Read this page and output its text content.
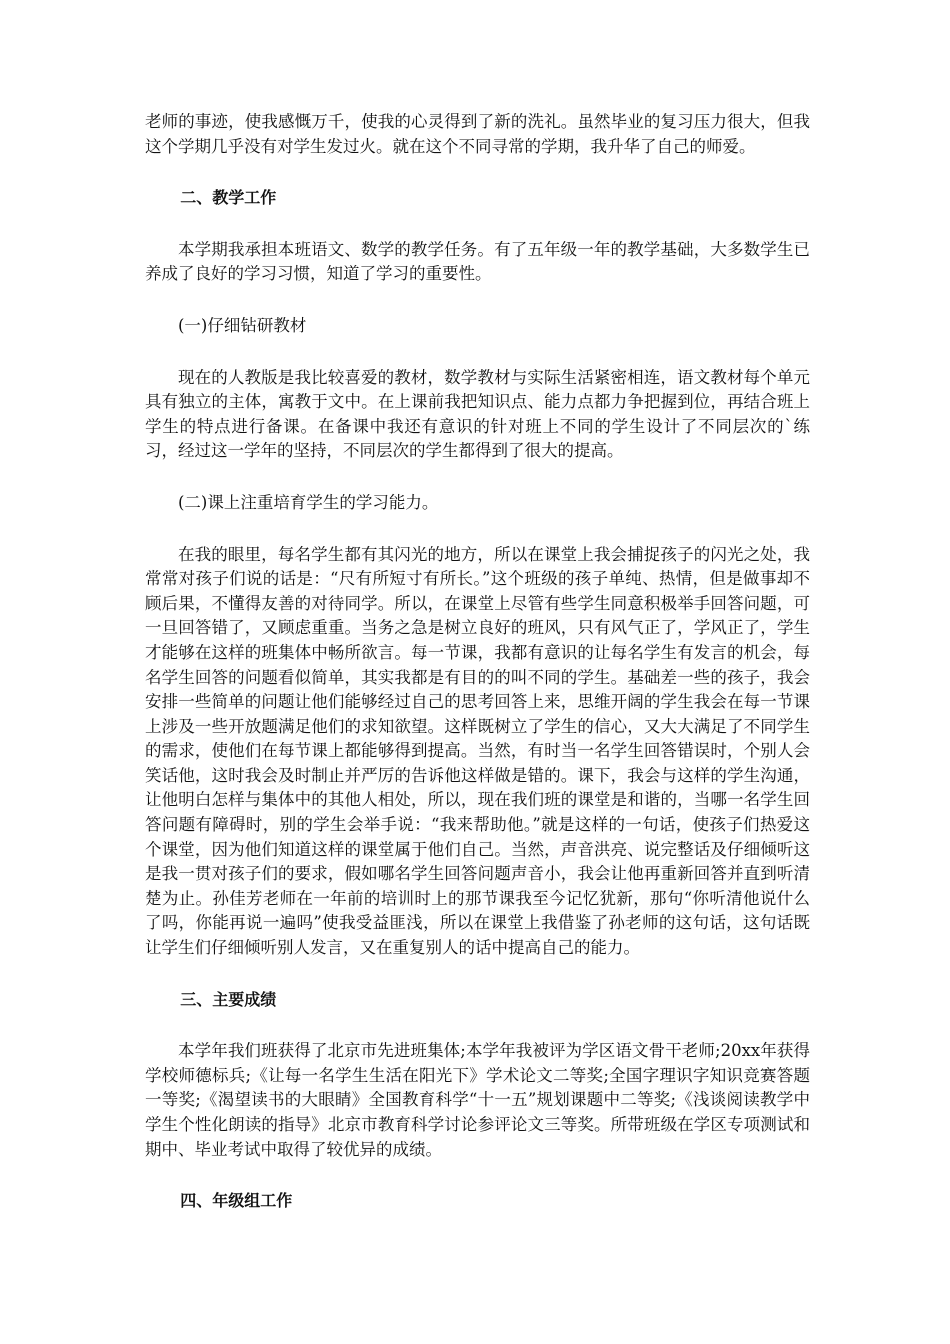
老师的事迹，使我感慨万千，使我的心灵得到了新的洗礼。虽然毕业的复习压力很大，但我这个学期几乎没有对学生发过火。就在这个不同寻常的学期，我升华了自己的师爱。

二、教学工作

本学期我承担本班语文、数学的教学任务。有了五年级一年的教学基础，大多数学生已养成了良好的学习习惯，知道了学习的重要性。

(一)仔细钻研教材

现在的人教版是我比较喜爱的教材，数学教材与实际生活紧密相连，语文教材每个单元具有独立的主体，寓教于文中。在上课前我把知识点、能力点都力争把握到位，再结合班上学生的特点进行备课。在备课中我还有意识的针对班上不同的学生设计了不同层次的`练习，经过这一学年的坚持，不同层次的学生都得到了很大的提高。

(二)课上注重培育学生的学习能力。

在我的眼里，每名学生都有其闪光的地方，所以在课堂上我会捕捉孩子的闪光之处，我常常对孩子们说的话是：“尺有所短寸有所长。”这个班级的孩子单纯、热情，但是做事却不顾后果，不懂得友善的对待同学。所以，在课堂上尽管有些学生同意积极举手回答问题，可一旦回答错了，又顾虑重重。当务之急是树立良好的班风，只有风气正了，学风正了，学生才能够在这样的班集体中畅所欲言。每一节课，我都有意识的让每名学生有发言的机会，每名学生回答的问题看似简单，其实我都是有目的的叫不同的学生。基础差一些的孩子，我会安排一些简单的问题让他们能够经过自己的思考回答上来，思维开阔的学生我会在每一节课上涉及一些开放题满足他们的求知欲望。这样既树立了学生的信心，又大大满足了不同学生的需求，使他们在每节课上都能够得到提高。当然，有时当一名学生回答错误时，个别人会笑话他，这时我会及时制止并严厉的告诉他这样做是错的。课下，我会与这样的学生沟通，让他明白怎样与集体中的其他人相处，所以，现在我们班的课堂是和谐的，当哪一名学生回答问题有障碍时，别的学生会举手说：“我来帮助他。”就是这样的一句话，使孩子们热爱这个课堂，因为他们知道这样的课堂属于他们自己。当然，声音洪亮、说完整话及仔细倾听这是我一贯对孩子们的要求，假如哪名学生回答问题声音小，我会让他再重新回答并直到听清楚为止。孙佳芳老师在一年前的培训时上的那节课我至今记忆犹新，那句“你听清他说什么了吗，你能再说一遍吗”使我受益匪浅，所以在课堂上我借鉴了孙老师的这句话，这句话既让学生们仔细倾听别人发言，又在重复别人的话中提高自己的能力。

三、主要成绩

本学年我们班获得了北京市先进班集体;本学年我被评为学区语文骨干老师;20xx年获得学校师德标兵;《让每一名学生生活在阳光下》学术论文二等奖;全国字理识字知识竞赛答题一等奖;《渴望读书的大眼睛》全国教育科学“十一五”规划课题中二等奖;《浅谈阅读教学中学生个性化朗读的指导》北京市教育科学讨论参评论文三等奖。所带班级在学区专项测试和期中、毕业考试中取得了较优异的成绩。

四、年级组工作
